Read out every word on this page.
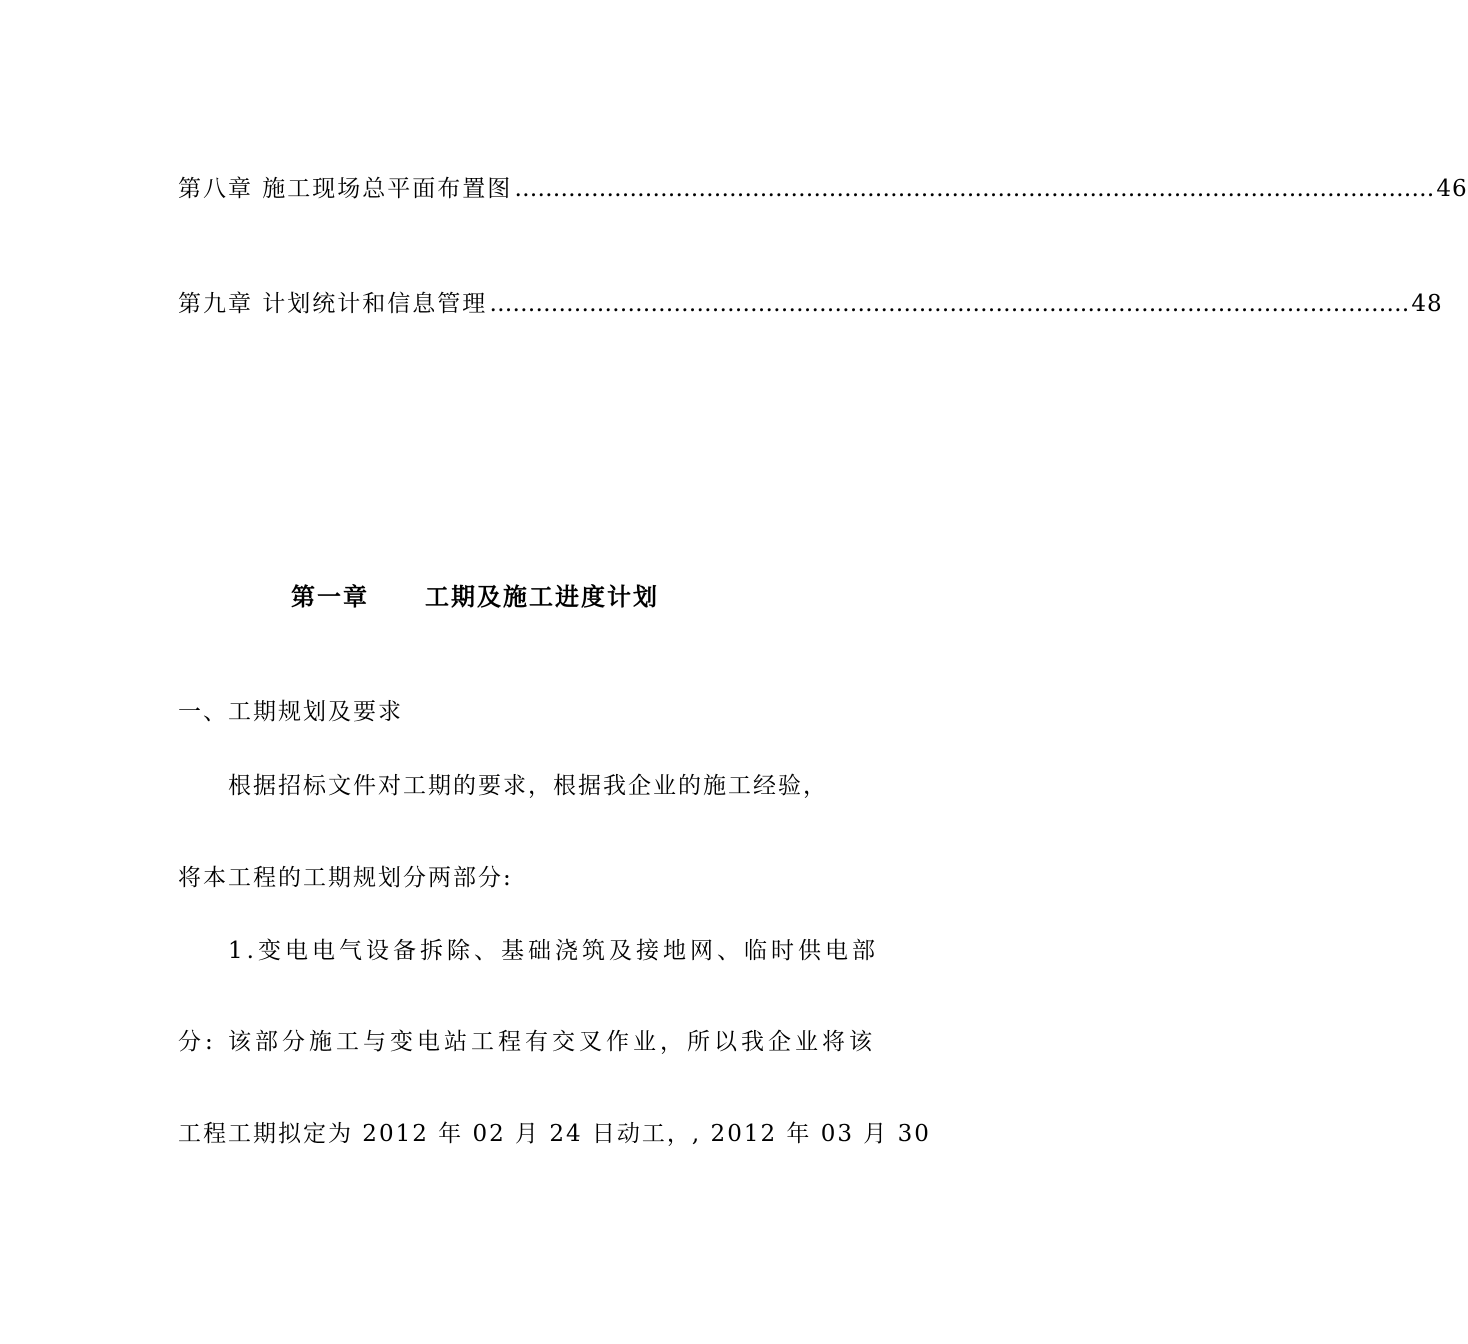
第八章 施工现场总平面布置图 ………………………………………………………………………………………………………… 46
第九章 计划统计和信息管理 ………………………………………………………………………………………………………… 48
第一章 工期及施工进度计划
一、工期规划及要求
根据招标文件对工期的要求，根据我企业的施工经验，
将本工程的工期规划分两部分:
1.变电电气设备拆除、基础浇筑及接地网、临时供电部
分: 该部分施工与变电站工程有交叉作业，所以我企业将该
工程工期拟定为 2012 年 02 月 24 日动工，, 2012 年 03 月 30
